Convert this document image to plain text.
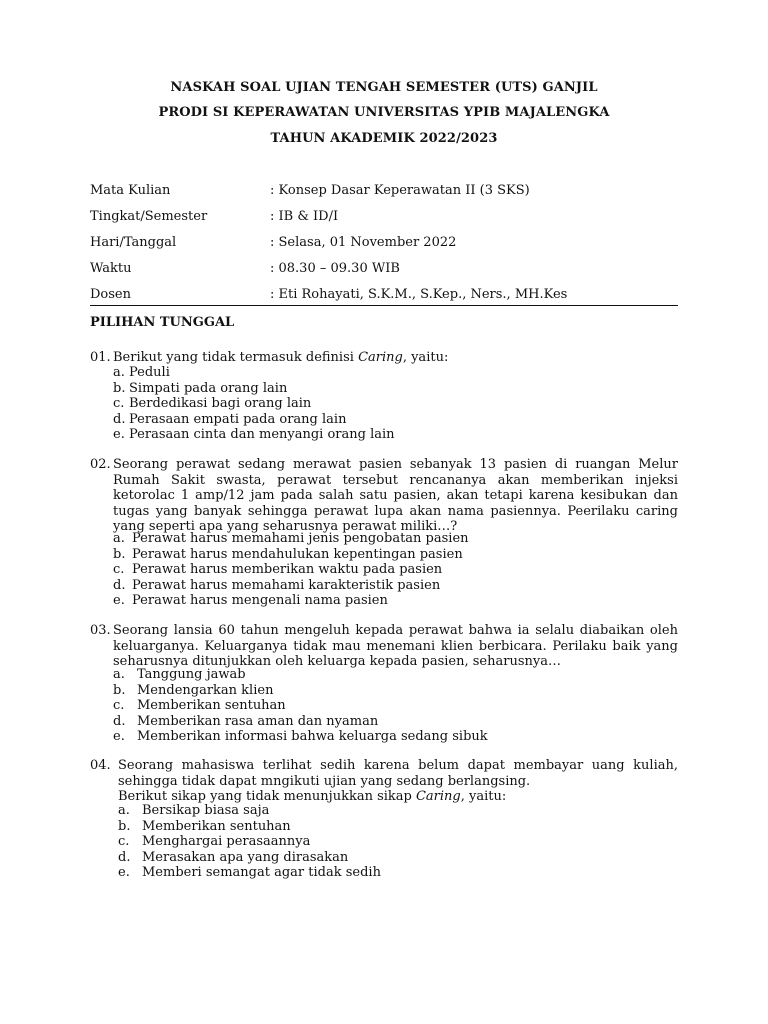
NASKAH SOAL UJIAN TENGAH SEMESTER (UTS) GANJIL
PRODI SI KEPERAWATAN UNIVERSITAS YPIB MAJALENGKA
TAHUN AKADEMIK 2022/2023
Mata Kulian	: Konsep Dasar Keperawatan II (3 SKS)
Tingkat/Semester	: IB & ID/I
Hari/Tanggal	: Selasa, 01 November 2022
Waktu	: 08.30 – 09.30 WIB
Dosen	: Eti Rohayati, S.K.M., S.Kep., Ners., MH.Kes
PILIHAN TUNGGAL
01. Berikut yang tidak termasuk definisi Caring, yaitu:
a. Peduli
b. Simpati pada orang lain
c. Berdedikasi bagi orang lain
d. Perasaan empati pada orang lain
e. Perasaan cinta dan menyangi orang lain
02. Seorang perawat sedang merawat pasien sebanyak 13 pasien di ruangan Melur Rumah Sakit swasta, perawat tersebut rencananya akan memberikan injeksi ketorolac 1 amp/12 jam pada salah satu pasien, akan tetapi karena kesibukan dan tugas yang banyak sehingga perawat lupa akan nama pasiennya. Peerilaku caring yang seperti apa yang seharusnya perawat miliki…?
a. Perawat harus memahami jenis pengobatan pasien
b. Perawat harus mendahulukan kepentingan pasien
c. Perawat harus memberikan waktu pada pasien
d. Perawat harus memahami karakteristik pasien
e. Perawat harus mengenali nama pasien
03. Seorang lansia 60 tahun mengeluh kepada perawat bahwa ia selalu diabaikan oleh keluarganya. Keluarganya tidak mau menemani klien berbicara. Perilaku baik yang seharusnya ditunjukkan oleh keluarga kepada pasien, seharusnya…
a. Tanggung jawab
b. Mendengarkan klien
c. Memberikan sentuhan
d. Memberikan rasa aman dan nyaman
e. Memberikan informasi bahwa keluarga sedang sibuk
04. Seorang mahasiswa terlihat sedih karena belum dapat membayar uang kuliah, sehingga tidak dapat mngikuti ujian yang sedang berlangsing.
Berikut sikap yang tidak menunjukkan sikap Caring, yaitu:
a. Bersikap biasa saja
b. Memberikan sentuhan
c. Menghargai perasaannya
d. Merasakan apa yang dirasakan
e. Memberi semangat agar tidak sedih
